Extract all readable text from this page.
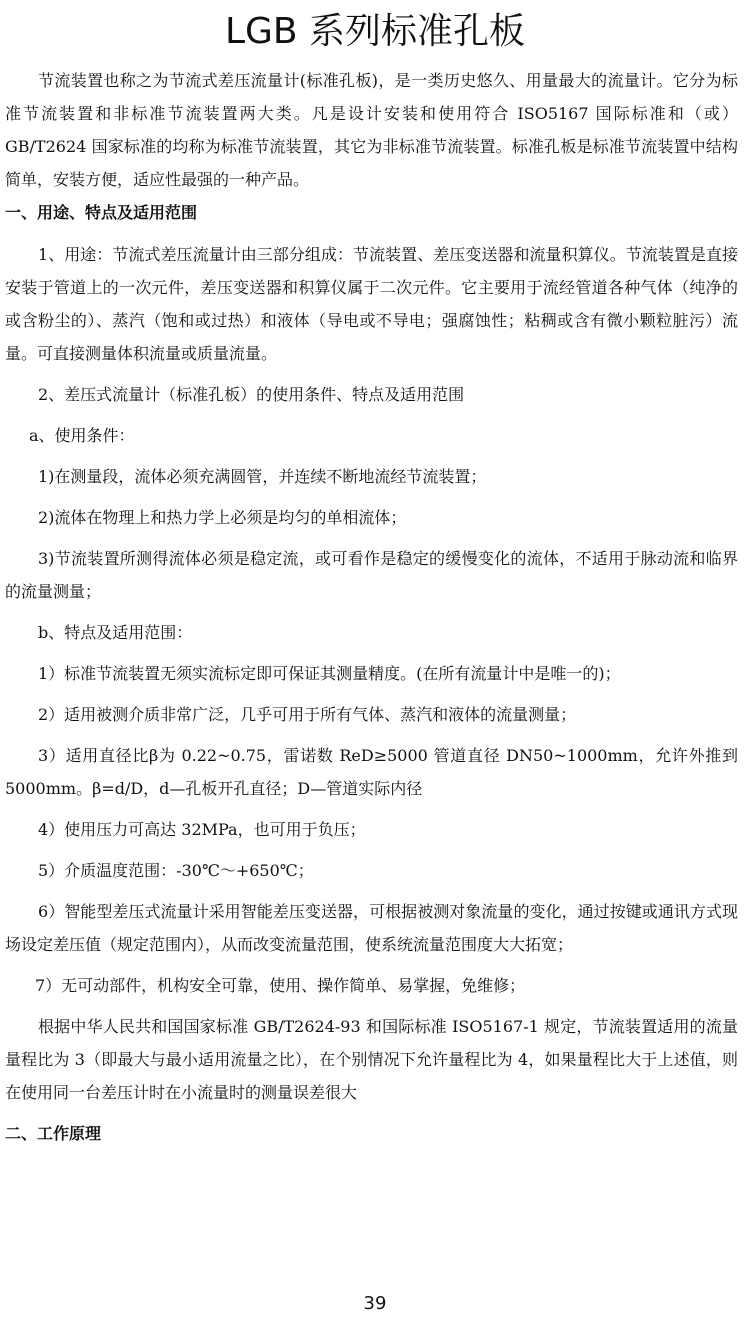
LGB 系列标准孔板

节流装置也称之为节流式差压流量计(标准孔板)，是一类历史悠久、用量最大的流量计。它分为标准节流装置和非标准节流装置两大类。凡是设计安装和使用符合 ISO5167 国际标准和（或）GB/T2624 国家标准的均称为标准节流装置，其它为非标准节流装置。标准孔板是标准节流装置中结构简单，安装方便，适应性最强的一种产品。

一、用途、特点及适用范围

1、用途：节流式差压流量计由三部分组成：节流装置、差压变送器和流量积算仪。节流装置是直接安装于管道上的一次元件，差压变送器和积算仪属于二次元件。它主要用于流经管道各种气体（纯净的或含粉尘的）、蒸汽（饱和或过热）和液体（导电或不导电；强腐蚀性；粘稠或含有微小颗粒脏污）流量。可直接测量体积流量或质量流量。

2、差压式流量计（标准孔板）的使用条件、特点及适用范围

a、使用条件：

1)在测量段，流体必须充满圆管，并连续不断地流经节流装置；

2)流体在物理上和热力学上必须是均匀的单相流体；

3)节流装置所测得流体必须是稳定流，或可看作是稳定的缓慢变化的流体，不适用于脉动流和临界的流量测量；

b、特点及适用范围：

1）标准节流装置无须实流标定即可保证其测量精度。(在所有流量计中是唯一的)；

2）适用被测介质非常广泛，几乎可用于所有气体、蒸汽和液体的流量测量；

3）适用直径比β为 0.22~0.75，雷诺数 ReD≥5000 管道直径 DN50~1000mm，允许外推到 5000mm。β=d/D，d—孔板开孔直径；D—管道实际内径

4）使用压力可高达 32MPa，也可用于负压；

5）介质温度范围：-30℃～+650℃；

6）智能型差压式流量计采用智能差压变送器，可根据被测对象流量的变化，通过按键或通讯方式现场设定差压值（规定范围内），从而改变流量范围，使系统流量范围度大大拓宽；

7）无可动部件，机构安全可靠，使用、操作简单、易掌握，免维修；

根据中华人民共和国国家标准 GB/T2624-93 和国际标准 ISO5167-1 规定，节流装置适用的流量量程比为 3（即最大与最小适用流量之比），在个别情况下允许量程比为 4，如果量程比大于上述值，则在使用同一台差压计时在小流量时的测量误差很大

二、工作原理
39
